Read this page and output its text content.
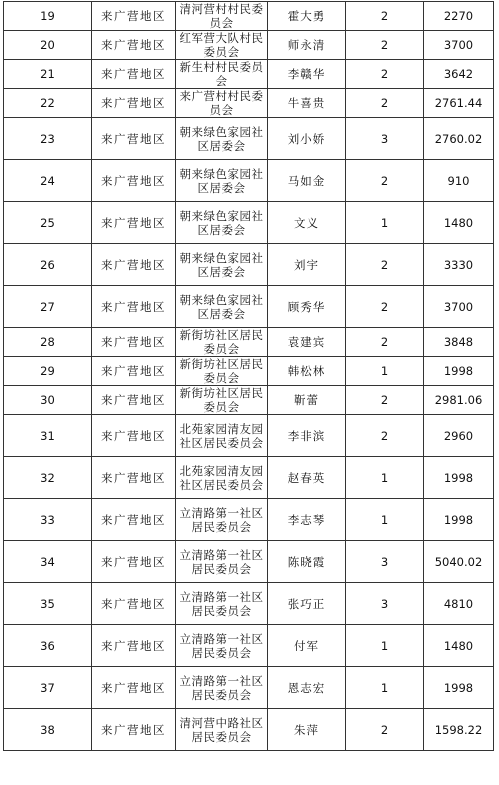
19	来广营地区	清河营村村民委员会	霍大勇	2	2270
20	来广营地区	红军营大队村民委员会	师永清	2	3700
21	来广营地区	新生村村民委员会	李赣华	2	3642
22	来广营地区	来广营村村民委员会	牛喜贵	2	2761.44
23	来广营地区	朝来绿色家园社区居委会	刘小娇	3	2760.02
24	来广营地区	朝来绿色家园社区居委会	马如金	2	910
25	来广营地区	朝来绿色家园社区居委会	文义	1	1480
26	来广营地区	朝来绿色家园社区居委会	刘宇	2	3330
27	来广营地区	朝来绿色家园社区居委会	顾秀华	2	3700
28	来广营地区	新街坊社区居民委员会	袁建宾	2	3848
29	来广营地区	新街坊社区居民委员会	韩松林	1	1998
30	来广营地区	新街坊社区居民委员会	靳蕾	2	2981.06
31	来广营地区	北苑家园清友园社区居民委员会	李非滨	2	2960
32	来广营地区	北苑家园清友园社区居民委员会	赵春英	1	1998
33	来广营地区	立清路第一社区居民委员会	李志琴	1	1998
34	来广营地区	立清路第一社区居民委员会	陈晓霞	3	5040.02
35	来广营地区	立清路第一社区居民委员会	张巧正	3	4810
36	来广营地区	立清路第一社区居民委员会	付军	1	1480
37	来广营地区	立清路第一社区居民委员会	恩志宏	1	1998
38	来广营地区	清河营中路社区居民委员会	朱萍	2	1598.22
